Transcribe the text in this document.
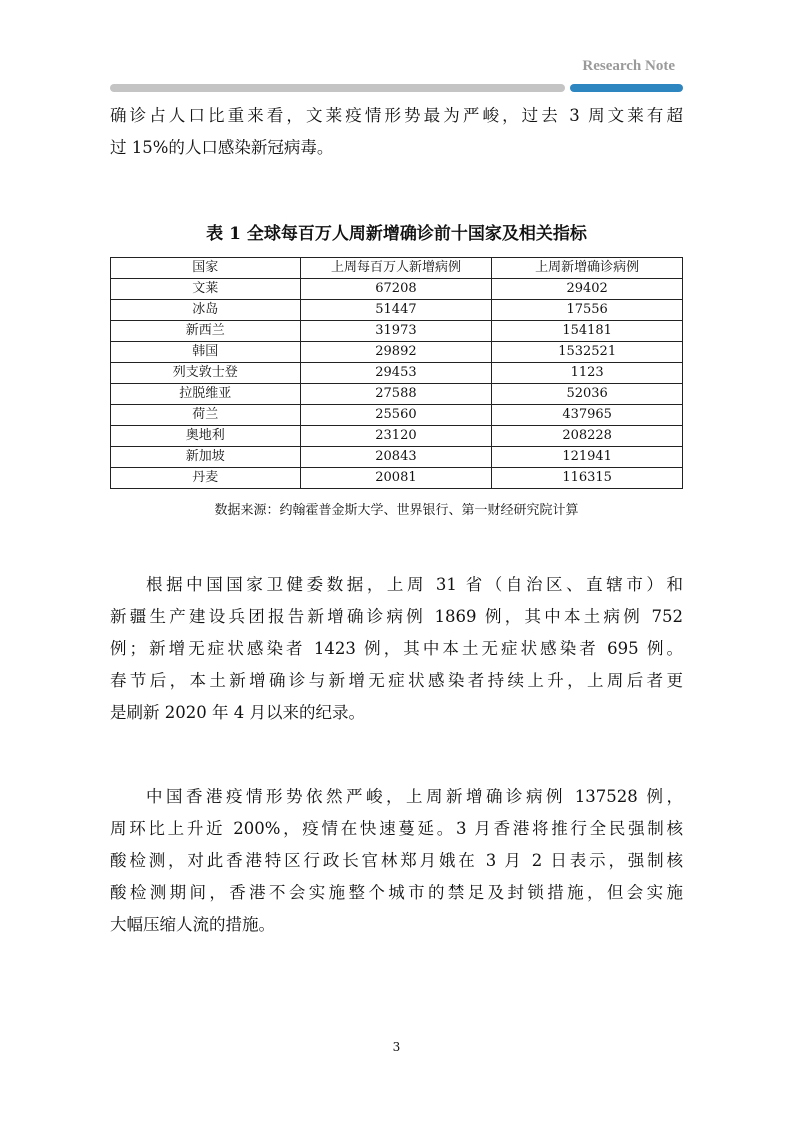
Research Note

确诊占人口比重来看，文莱疫情形势最为严峻，过去 3 周文莱有超
过 15%的人口感染新冠病毒。

表 1 全球每百万人周新增确诊前十国家及相关指标
国家	上周每百万人新增病例	上周新增确诊病例
文莱	67208	29402
冰岛	51447	17556
新西兰	31973	154181
韩国	29892	1532521
列支敦士登	29453	1123
拉脱维亚	27588	52036
荷兰	25560	437965
奥地利	23120	208228
新加坡	20843	121941
丹麦	20081	116315
数据来源：约翰霍普金斯大学、世界银行、第一财经研究院计算

根据中国国家卫健委数据，上周 31 省（自治区、直辖市）和
新疆生产建设兵团报告新增确诊病例 1869 例，其中本土病例 752
例；新增无症状感染者 1423 例，其中本土无症状感染者 695 例。
春节后，本土新增确诊与新增无症状感染者持续上升，上周后者更
是刷新 2020 年 4 月以来的纪录。

中国香港疫情形势依然严峻，上周新增确诊病例 137528 例，
周环比上升近 200%，疫情在快速蔓延。3 月香港将推行全民强制核
酸检测，对此香港特区行政长官林郑月娥在 3 月 2 日表示，强制核
酸检测期间，香港不会实施整个城市的禁足及封锁措施，但会实施
大幅压缩人流的措施。

3
